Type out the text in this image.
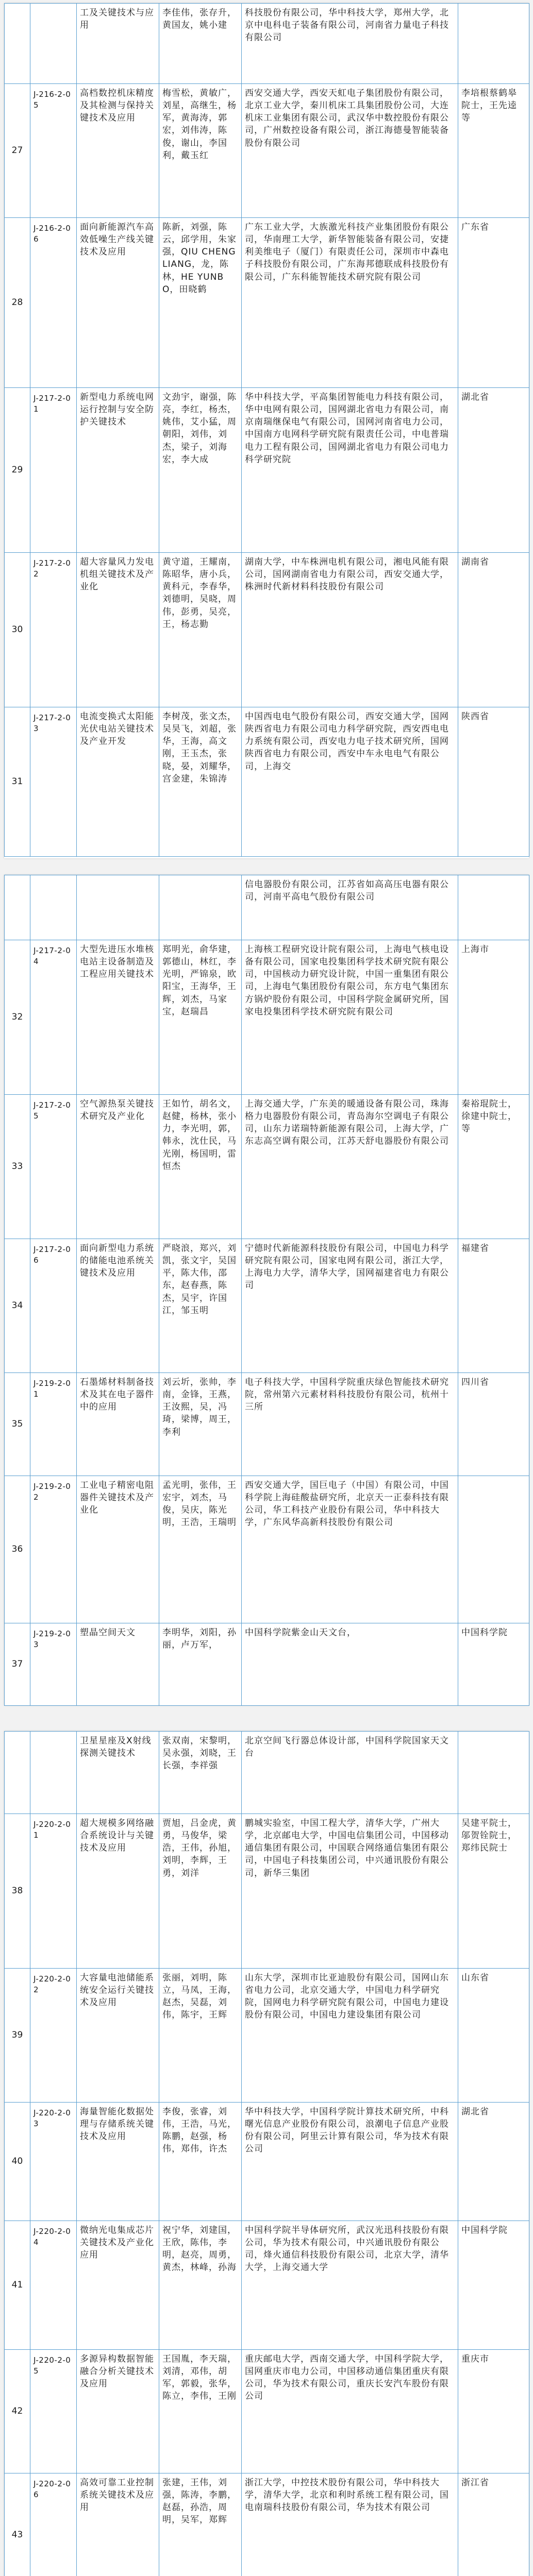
		工及关键技术与应用	李佳伟，张存升，黄国友，姚小建	科技股份有限公司，华中科技大学，郑州大学，北京中电科电子装备有限公司，河南省力量电子科技有限公司	
27	J-216-2-05	高档数控机床精度及其检测与保持关键技术及应用	梅雪松，黄敏广，刘星，高继生，杨军，黄海涛，郭宏，刘伟涛，陈俊，谢山，李国利，戴玉红	西安交通大学，西安天虹电子集团股份有限公司，北京工业大学，秦川机床工具集团股份公司，大连机床工业集团有限公司，武汉华中数控股份有限公司，广州数控设备有限公司，浙江海德曼智能装备股份有限公司	李培根蔡鹤皋院士，王先逵等
28	J-216-2-06	面向新能源汽车高效低噪生产线关键技术及应用	陈新，刘强，陈云，邱学用，朱家强，QIU CHENGLIANG，龙，陈林，HE YUNBO，田晓鹤	广东工业大学，大族激光科技产业集团股份有限公司，华南理工大学，新华智能装备有限公司，安捷利美维电子（厦门）有限责任公司，深圳市中森电子科技股份有限公司，广东海邦德联成科技股份有限公司，广东科能智能技术研究院有限公司	广东省
29	J-217-2-01	新型电力系统电网运行控制与安全防护关键技术	文劲宇，谢强，陈亮，李红，杨杰，姚伟，艾小猛，周朝阳，刘伟，刘杰，梁子，刘海宏，李大成	华中科技大学，平高集团智能电力科技有限公司，华中电网有限公司，国网湖北省电力有限公司，南京南瑞继保电气有限公司，国网河南省电力公司，中国南方电网科学研究院有限责任公司，中电普瑞电力工程有限公司，国网湖北省电力有限公司电力科学研究院	湖北省
30	J-217-2-02	超大容量风力发电机组关键技术及产业化	黄守道，王耀南，陈昭华，唐小兵，黄科元，李春华，刘德明，吴晓，周伟，彭勇，吴亮，王，杨志勤	湖南大学，中车株洲电机有限公司，湘电风能有限公司，国网湖南省电力有限公司，西安交通大学，株洲时代新材料科技股份有限公司	湖南省
31	J-217-2-03	电流变换式太阳能光伏电站关键技术及产业开发	李树茂，张文杰，吴昊飞，刘超，张华，王海，高文刚，王玉杰，张晓，晏，刘耀华，宫金建，朱锦涛	中国西电电气股份有限公司，西安交通大学，国网陕西省电力有限公司电力科学研究院，西安西电电力系统有限公司，西安电力电子技术研究所，国网陕西省电力有限公司，西安中车永电电气有限公司，上海交	陕西省
				信电器股份有限公司，江苏省如高高压电器有限公司，河南平高电气股份有限公司	
32	J-217-2-04	大型先进压水堆核电站主设备制造及工程应用关键技术	郑明光，俞华建，郭德山，林红，李光明，严锦泉，欧阳宝，王海华，王辉，刘杰，马家宝，赵瑞昌	上海核工程研究设计院有限公司，上海电气核电设备有限公司，国家电投集团科学技术研究院有限公司，中国核动力研究设计院，中国一重集团有限公司，上海电气集团股份有限公司，东方电气集团东方锅炉股份有限公司，中国科学院金属研究所，国家电投集团科学技术研究院有限公司	上海市
33	J-217-2-05	空气源热泵关键技术研究及产业化	王如竹，胡名文，赵健，杨林，张小力，李光明，郭，韩永，沈仕民，马光刚，杨国明，雷恒杰	上海交通大学，广东美的暖通设备有限公司，珠海格力电器股份有限公司，青岛海尔空调电子有限公司，山东力诺瑞特新能源有限公司，上海大学，广东志高空调有限公司，江苏天舒电器股份有限公司	秦裕琨院士，徐建中院士，等
34	J-217-2-06	面向新型电力系统的储能电池系统关键技术及应用	严晓浪，郑兴，刘凯，张文宇，吴国平，陈大伟，邵东，赵春燕，陈杰，吴宇，许国江，邹玉明	宁德时代新能源科技股份有限公司，中国电力科学研究院有限公司，国家电网有限公司，浙江大学，上海电力大学，清华大学，国网福建省电力有限公司	福建省
35	J-219-2-01	石墨烯材料制备技术及其在电子器件中的应用	刘云圻，张帅，李南，金锋，王燕，王汝熙，吴，冯琦，梁博，周王，李利	电子科技大学，中国科学院重庆绿色智能技术研究院，常州第六元素材料科技股份有限公司，杭州十三所	四川省
36	J-219-2-02	工业电子精密电阻器件关键技术及产业化	孟光明，张伟，王宏宇，刘杰，马俊，吴庆，陈光明，王浩，王瑞明	西安交通大学，国巨电子（中国）有限公司，中国科学院上海硅酸盐研究所，北京天一正泰科技有限公司，华工科技产业股份有限公司，华中科技大学，广东风华高新科技股份有限公司	
37	J-219-2-03	塑晶空间天文	李明华，刘阳，孙丽，卢万军，	中国科学院紫金山天文台，	中国科学院
		卫星星座及X射线探测关键技术	张双南，宋黎明，吴永强，刘晓，王长强，李祥强	北京空间飞行器总体设计部，中国科学院国家天文台	
38	J-220-2-01	超大规模多网络融合系统设计与关键技术及应用	贾旭，吕金虎，黄勇，马俊华，梁浩，王伟，孙旭，刘明，李辉，王勇，刘洋	鹏城实验室，中国工程大学，清华大学，广州大学，北京邮电大学，中国电信集团公司，中国移动通信集团有限公司，中国联合网络通信集团有限公司，中国电子科技集团公司，中兴通讯股份有限公司，新华三集团	吴建平院士，邬贺铨院士，郑纬民院士
39	J-220-2-02	大容量电池储能系统安全运行关键技术及应用	张丽，刘明，陈立，马凤，王海，赵杰，吴磊，刘伟，陈宇，王辉	山东大学，深圳市比亚迪股份有限公司，国网山东省电力公司，北京交通大学，中国电力科学研究院，国网电力科学研究院有限公司，中国电力建设股份有限公司，中国电力建设集团有限公司	山东省
40	J-220-2-03	海量智能化数据处理与存储系统关键技术及应用	李俊，张睿，刘伟，王浩，马光，陈鹏，赵强，杨伟，郑伟，许杰	华中科技大学，中国科学院计算技术研究所，中科曙光信息产业股份有限公司，浪潮电子信息产业股份有限公司，阿里云计算有限公司，华为技术有限公司	湖北省
41	J-220-2-04	微纳光电集成芯片关键技术及产业化应用	祝宁华，刘建国，王欣，陈伟，李明，赵亮，周勇，黄杰，林峰，孙海	中国科学院半导体研究所，武汉光迅科技股份有限公司，华为技术有限公司，中兴通讯股份有限公司，烽火通信科技股份有限公司，北京大学，清华大学，上海交通大学	中国科学院
42	J-220-2-05	多源异构数据智能融合分析关键技术及应用	王国胤，李天瑞，刘清，邓伟，胡军，郭毅，张华，陈立，李伟，王刚	重庆邮电大学，西南交通大学，中国科学院大学，国网重庆市电力公司，中国移动通信集团重庆有限公司，华为技术有限公司，重庆长安汽车股份有限公司	重庆市
43	J-220-2-06	高效可靠工业控制系统关键技术及应用	张建，王伟，刘强，陈涛，李鹏，赵磊，孙浩，周明，吴军，郑辉	浙江大学，中控技术股份有限公司，华中科技大学，清华大学，北京和利时系统工程有限公司，国电南瑞科技股份有限公司，华为技术有限公司	浙江省
